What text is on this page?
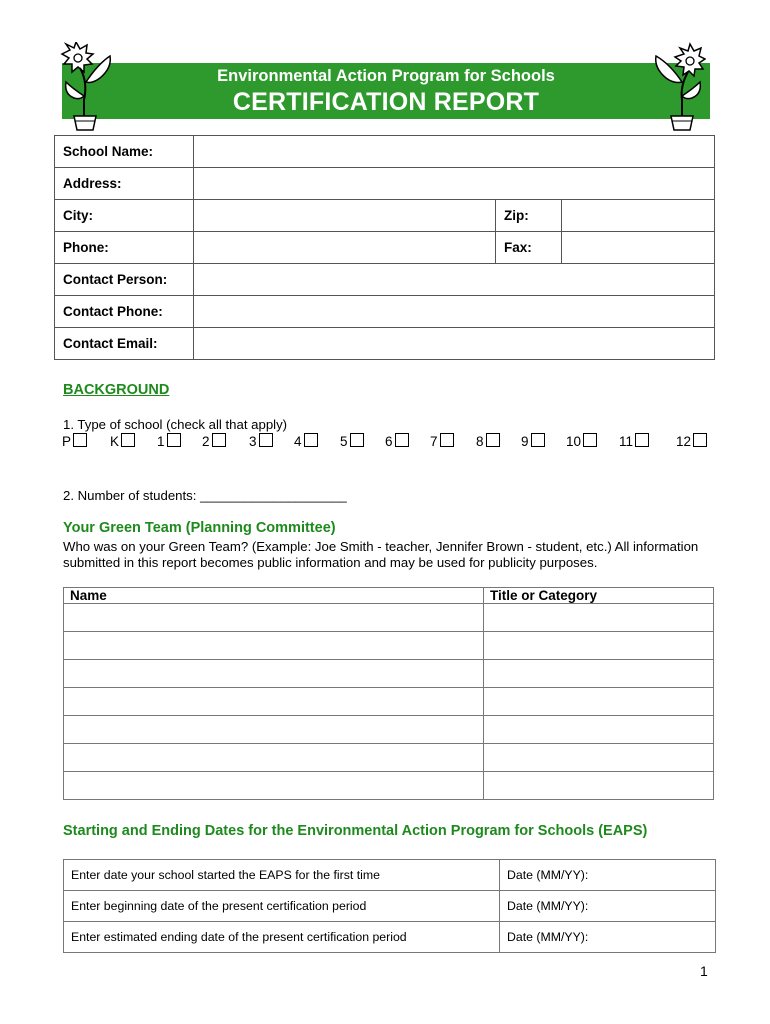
Environmental Action Program for Schools
CERTIFICATION REPORT
School Name:			
Address:			
City:		Zip:	
Phone:		Fax:	
Contact Person:			
Contact Phone:			
Contact Email:			
BACKGROUND
1. Type of school (check all that apply)
P	K	1	2	3	4	5	6	7	8	9	10	11	12
2. Number of students: ____________________
Your Green Team (Planning Committee)
Who was on your Green Team? (Example: Joe Smith - teacher, Jennifer Brown - student, etc.) All information submitted in this report becomes public information and may be used for publicity purposes.
Name	Title or Category

Starting and Ending Dates for the Environmental Action Program for Schools (EAPS)
Enter date your school started the EAPS for the first time	Date (MM/YY):
Enter beginning date of the present certification period	Date (MM/YY):
Enter estimated ending date of the present certification period	Date (MM/YY):
1
